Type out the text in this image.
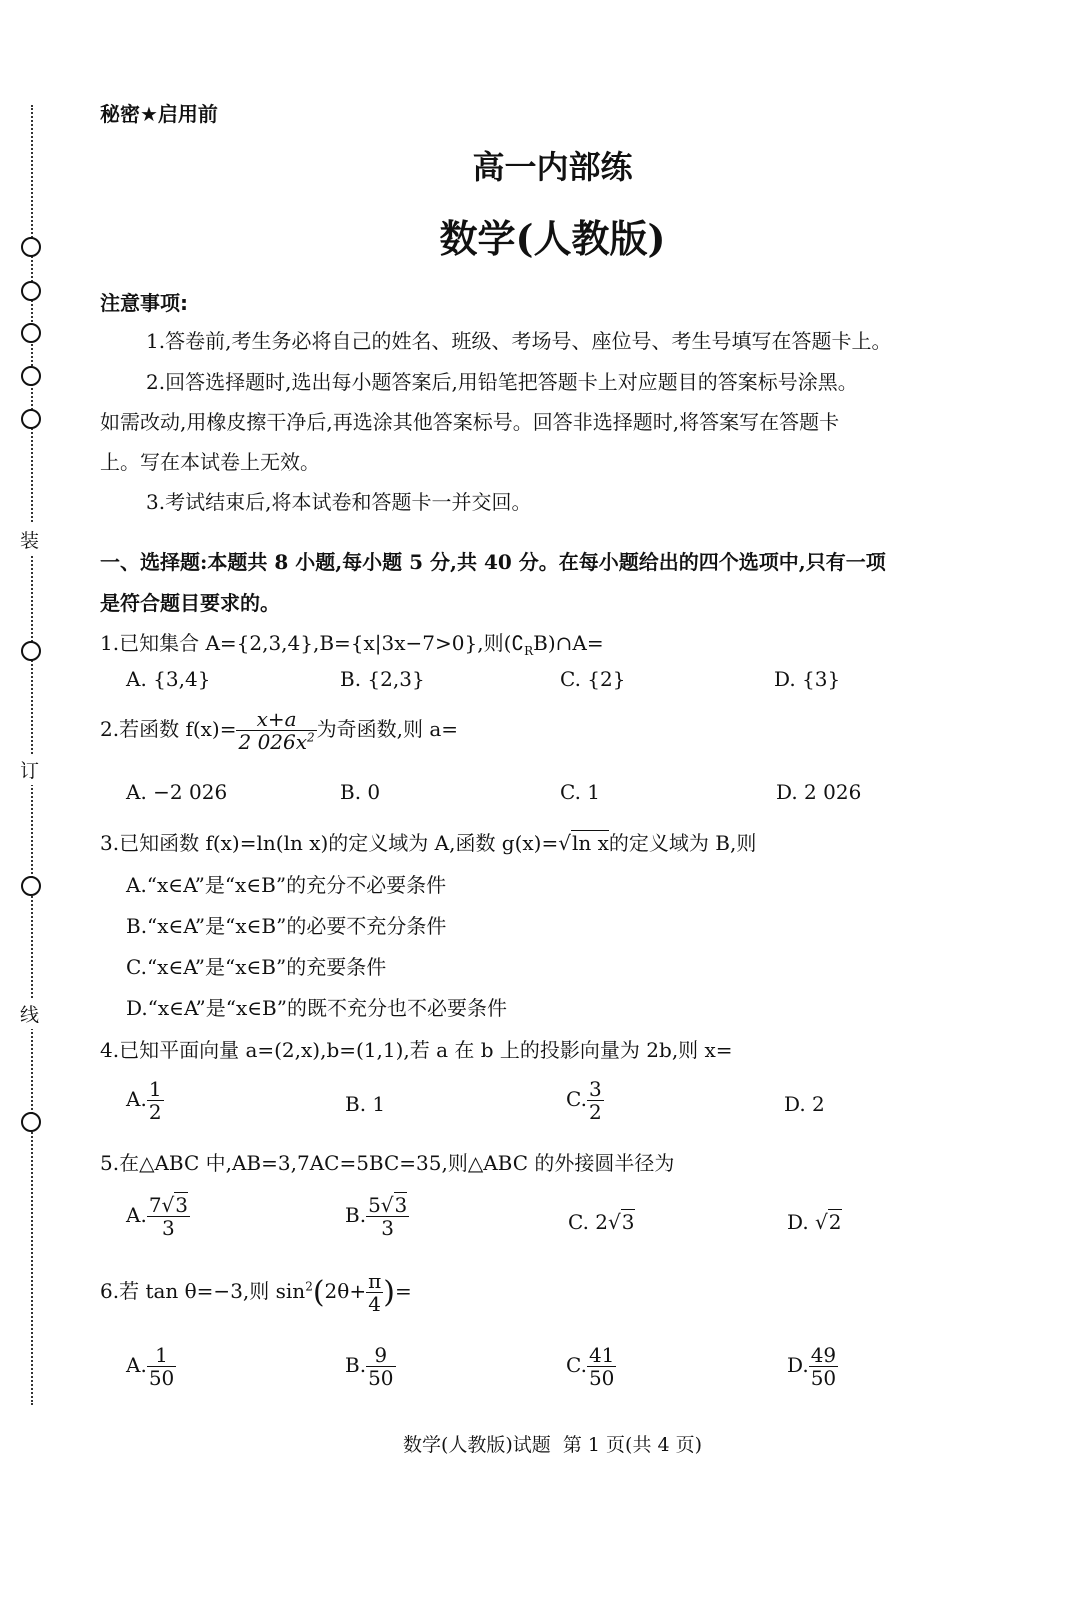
装
订
线
秘密★启用前
高一内部练
数学(人教版)
注意事项:
1.答卷前,考生务必将自己的姓名、班级、考场号、座位号、考生号填写在答题卡上。
2.回答选择题时,选出每小题答案后,用铅笔把答题卡上对应题目的答案标号涂黑。
如需改动,用橡皮擦干净后,再选涂其他答案标号。回答非选择题时,将答案写在答题卡
上。写在本试卷上无效。
3.考试结束后,将本试卷和答题卡一并交回。
一、选择题:本题共 8 小题,每小题 5 分,共 40 分。在每小题给出的四个选项中,只有一项
是符合题目要求的。
1.已知集合 A={2,3,4},B={x|3x−7>0},则$(∁_RB)\cap A=$
A. {3,4}	B. {2,3}	C. {2}	D. {3}
2.若函数 $f(x)= \frac{x+a}{2 026x^2}$ 为奇函数,则 a=
A. −2 026	B. 0	C. 1	D. 2 026
3.已知函数 f(x)=ln(ln x)的定义域为 A,函数 g(x)=√ln x的定义域为 B,则
A.“x∈A”是“x∈B”的充分不必要条件
B.“x∈A”是“x∈B”的必要不充分条件
C.“x∈A”是“x∈B”的充要条件
D.“x∈A”是“x∈B”的既不充分也不必要条件
4.已知平面向量 a=(2,x),b=(1,1),若 a 在 b 上的投影向量为 2b,则 x=
A. $\frac{1}{2}$	B. 1	C. $\frac{3}{2}$	D. 2
5.在△ABC 中,AB=3,7AC=5BC=35,则△ABC 的外接圆半径为
A. $\frac{7√3}{3}$	B. $\frac{5√3}{3}$	C. 2√3	D. √2
6.若 tan θ=−3,则 $\sin^2(2\theta+ \frac{\pi}{4}$ )=
A. $\frac{1}{50}$	B. $\frac{9}{50}$	C. $\frac{41}{50}$	D. $\frac{49}{50}$
数学(人教版)试题  第 1 页(共 4 页)
